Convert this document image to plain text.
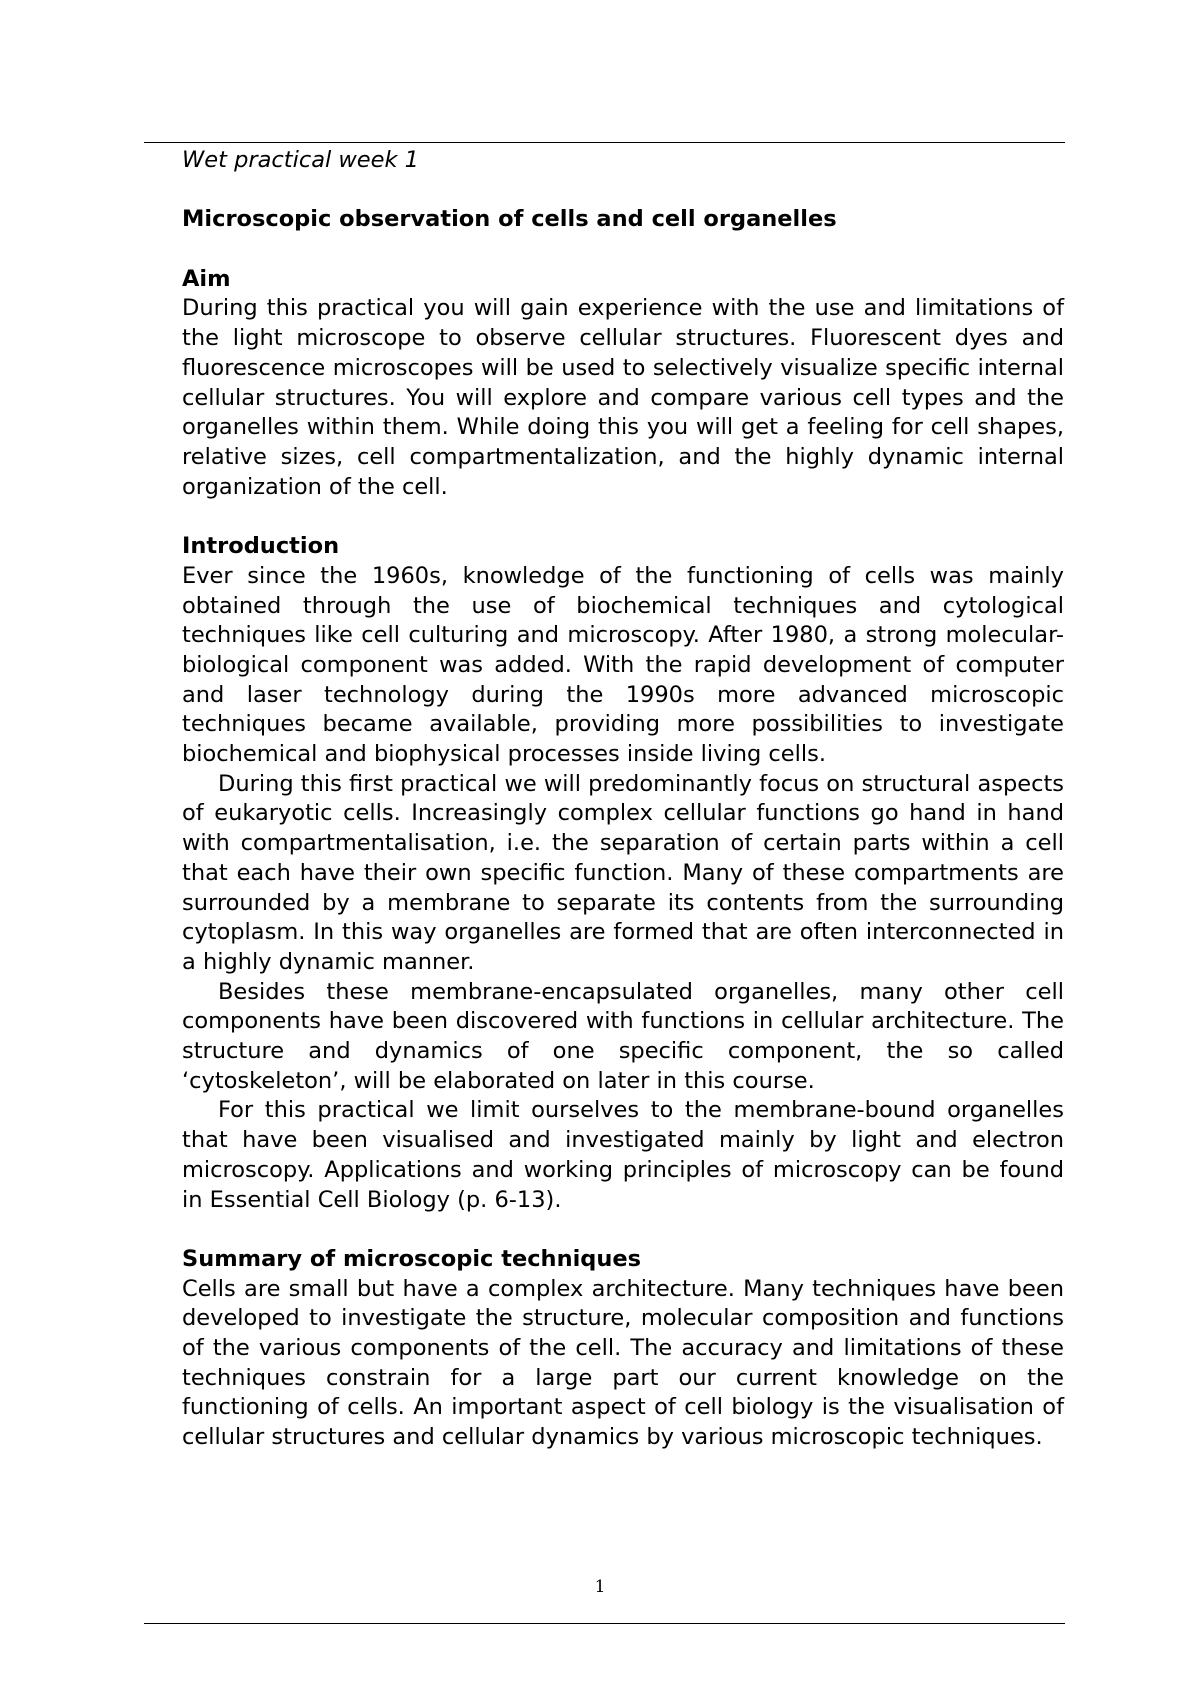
Wet practical week 1
Microscopic observation of cells and cell organelles
Aim

During this practical you will gain experience with the use and limitations of the light microscope to observe cellular structures. Fluorescent dyes and fluorescence microscopes will be used to selectively visualize specific internal cellular structures. You will explore and compare various cell types and the organelles within them. While doing this you will get a feeling for cell shapes, relative sizes, cell compartmentalization, and the highly dynamic internal organization of the cell.

Introduction

Ever since the 1960s, knowledge of the functioning of cells was mainly obtained through the use of biochemical techniques and cytological techniques like cell culturing and microscopy. After 1980, a strong molecular-biological component was added. With the rapid development of computer and laser technology during the 1990s more advanced microscopic techniques became available, providing more possibilities to investigate biochemical and biophysical processes inside living cells.

During this first practical we will predominantly focus on structural aspects of eukaryotic cells. Increasingly complex cellular functions go hand in hand with compartmentalisation, i.e. the separation of certain parts within a cell that each have their own specific function. Many of these compartments are surrounded by a membrane to separate its contents from the surrounding cytoplasm. In this way organelles are formed that are often interconnected in a highly dynamic manner.

Besides these membrane-encapsulated organelles, many other cell components have been discovered with functions in cellular architecture. The structure and dynamics of one specific component, the so called ‘cytoskeleton’, will be elaborated on later in this course.

For this practical we limit ourselves to the membrane-bound organelles that have been visualised and investigated mainly by light and electron microscopy. Applications and working principles of microscopy can be found in Essential Cell Biology (p. 6-13).

Summary of microscopic techniques

Cells are small but have a complex architecture. Many techniques have been developed to investigate the structure, molecular composition and functions of the various components of the cell. The accuracy and limitations of these techniques constrain for a large part our current knowledge on the functioning of cells. An important aspect of cell biology is the visualisation of cellular structures and cellular dynamics by various microscopic techniques.

1
